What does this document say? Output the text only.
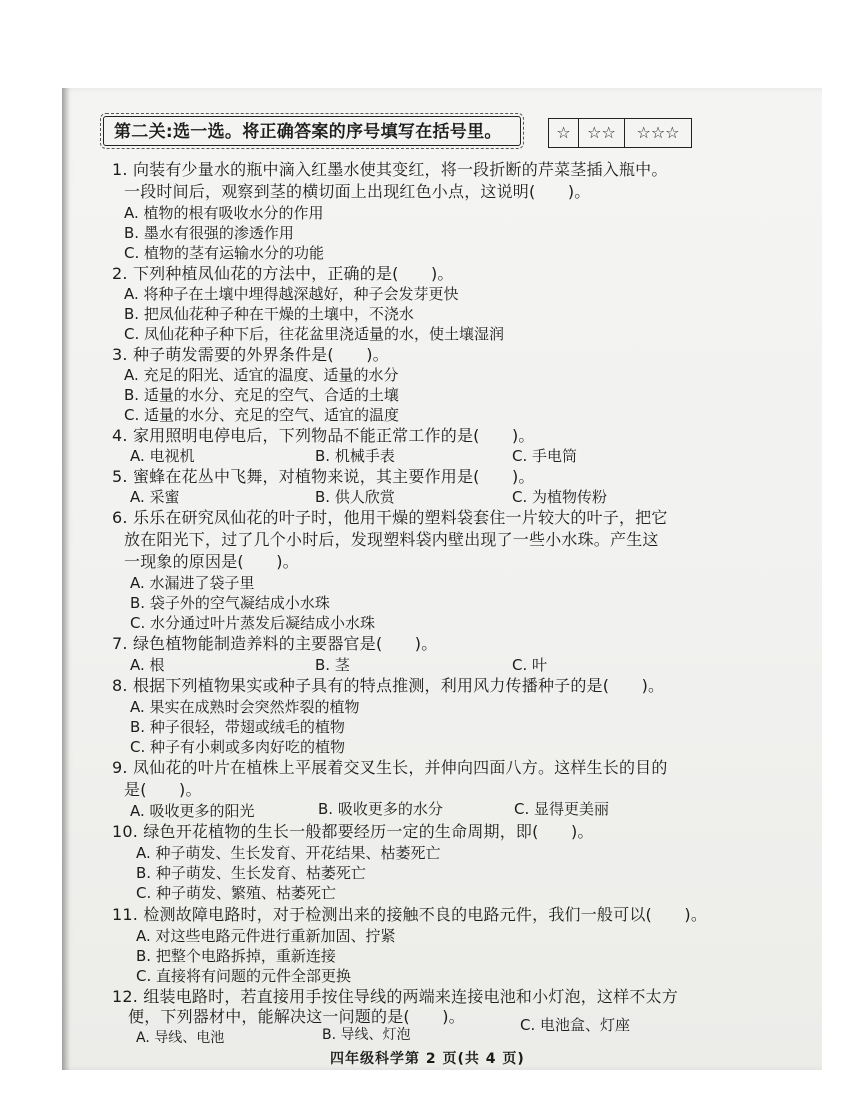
第二关:选一选。将正确答案的序号填写在括号里。	☆	☆☆	☆☆☆
1. 向装有少量水的瓶中滴入红墨水使其变红，将一段折断的芹菜茎插入瓶中。
一段时间后，观察到茎的横切面上出现红色小点，这说明(　　)。
A. 植物的根有吸收水分的作用
B. 墨水有很强的渗透作用
C. 植物的茎有运输水分的功能
2. 下列种植凤仙花的方法中，正确的是(　　)。
A. 将种子在土壤中埋得越深越好，种子会发芽更快
B. 把凤仙花种子种在干燥的土壤中，不浇水
C. 凤仙花种子种下后，往花盆里浇适量的水，使土壤湿润
3. 种子萌发需要的外界条件是(　　)。
A. 充足的阳光、适宜的温度、适量的水分
B. 适量的水分、充足的空气、合适的土壤
C. 适量的水分、充足的空气、适宜的温度
4. 家用照明电停电后，下列物品不能正常工作的是(　　)。
A. 电视机	B. 机械手表	C. 手电筒
5. 蜜蜂在花丛中飞舞，对植物来说，其主要作用是(　　)。
A. 采蜜	B. 供人欣赏	C. 为植物传粉
6. 乐乐在研究凤仙花的叶子时，他用干燥的塑料袋套住一片较大的叶子，把它
放在阳光下，过了几个小时后，发现塑料袋内壁出现了一些小水珠。产生这
一现象的原因是(　　)。
A. 水漏进了袋子里
B. 袋子外的空气凝结成小水珠
C. 水分通过叶片蒸发后凝结成小水珠
7. 绿色植物能制造养料的主要器官是(　　)。
A. 根	B. 茎	C. 叶
8. 根据下列植物果实或种子具有的特点推测，利用风力传播种子的是(　　)。
A. 果实在成熟时会突然炸裂的植物
B. 种子很轻，带翅或绒毛的植物
C. 种子有小刺或多肉好吃的植物
9. 凤仙花的叶片在植株上平展着交叉生长，并伸向四面八方。这样生长的目的
是(　　)。
A. 吸收更多的阳光	B. 吸收更多的水分	C. 显得更美丽
10. 绿色开花植物的生长一般都要经历一定的生命周期，即(　　)。
A. 种子萌发、生长发育、开花结果、枯萎死亡
B. 种子萌发、生长发育、枯萎死亡
C. 种子萌发、繁殖、枯萎死亡
11. 检测故障电路时，对于检测出来的接触不良的电路元件，我们一般可以(　　)。
A. 对这些电路元件进行重新加固、拧紧
B. 把整个电路拆掉，重新连接
C. 直接将有问题的元件全部更换
12. 组装电路时，若直接用手按住导线的两端来连接电池和小灯泡，这样不太方
便，下列器材中，能解决这一问题的是(　　)。
A. 导线、电池	B. 导线、灯泡
C. 电池盒、灯座
四年级科学第 2 页(共 4 页)
